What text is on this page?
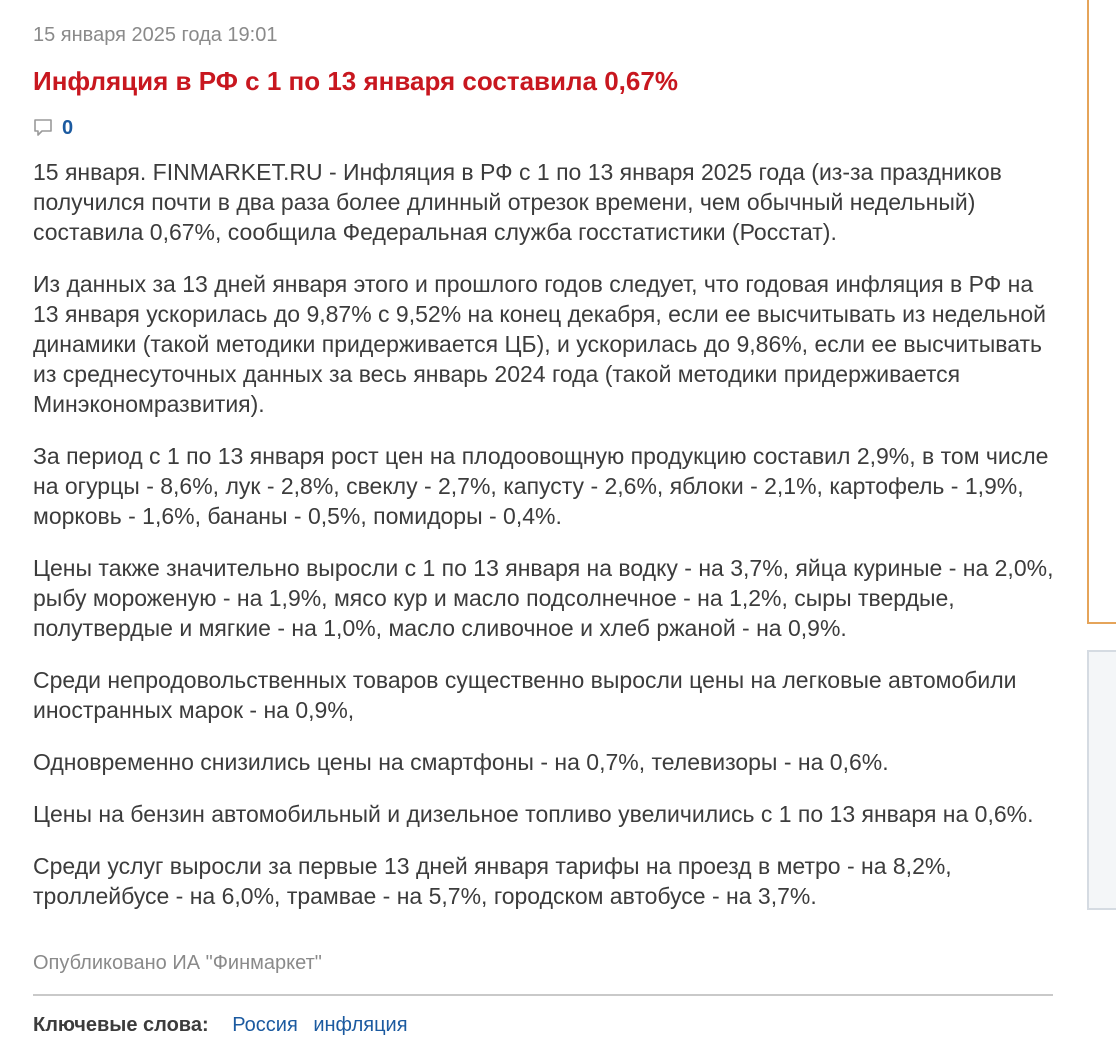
15 января 2025 года 19:01
Инфляция в РФ с 1 по 13 января составила 0,67%
0

15 января. FINMARKET.RU - Инфляция в РФ с 1 по 13 января 2025 года (из-за праздников получился почти в два раза более длинный отрезок времени, чем обычный недельный) составила 0,67%, сообщила Федеральная служба госстатистики (Росстат).

Из данных за 13 дней января этого и прошлого годов следует, что годовая инфляция в РФ на 13 января ускорилась до 9,87% с 9,52% на конец декабря, если ее высчитывать из недельной динамики (такой методики придерживается ЦБ), и ускорилась до 9,86%, если ее высчитывать из среднесуточных данных за весь январь 2024 года (такой методики придерживается Минэкономразвития).

За период с 1 по 13 января рост цен на плодоовощную продукцию составил 2,9%, в том числе на огурцы - 8,6%, лук - 2,8%, свеклу - 2,7%, капусту - 2,6%, яблоки - 2,1%, картофель - 1,9%, морковь - 1,6%, бананы - 0,5%, помидоры - 0,4%.

Цены также значительно выросли с 1 по 13 января на водку - на 3,7%, яйца куриные - на 2,0%, рыбу мороженую - на 1,9%, мясо кур и масло подсолнечное - на 1,2%, сыры твердые, полутвердые и мягкие - на 1,0%, масло сливочное и хлеб ржаной - на 0,9%.

Среди непродовольственных товаров существенно выросли цены на легковые автомобили иностранных марок - на 0,9%,

Одновременно снизились цены на смартфоны - на 0,7%, телевизоры - на 0,6%.

Цены на бензин автомобильный и дизельное топливо увеличились с 1 по 13 января на 0,6%.

Среди услуг выросли за первые 13 дней января тарифы на проезд в метро - на 8,2%, троллейбусе - на 6,0%, трамвае - на 5,7%, городском автобусе - на 3,7%.

Опубликовано ИА "Финмаркет"
Ключевые слова: Россия инфляция
